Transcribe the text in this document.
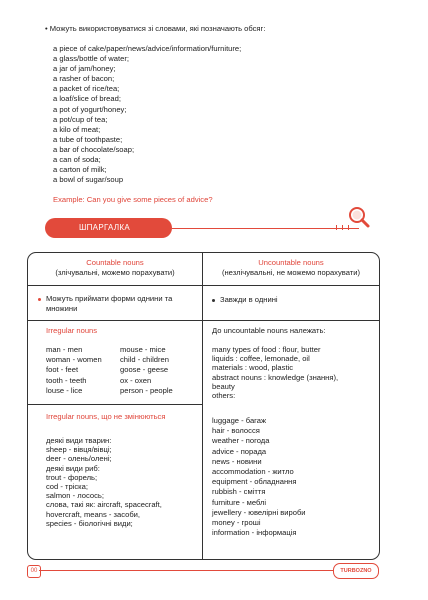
• Можуть використовуватися зі словами, які позначають обсяг:
a piece of cake/paper/news/advice/information/furniture;
a glass/bottle of water;
a jar of jam/honey;
a rasher of bacon;
a packet of rice/tea;
a loaf/slice of bread;
a pot of yogurt/honey;
a pot/cup of tea;
a kilo of meat;
a tube of toothpaste;
a bar of chocolate/soap;
a can of soda;
a carton of milk;
a bowl of sugar/soup
Example: Can you give some pieces of advice?
ШПАРГАЛКА
Countable nouns
(злічувальні, можемо порахувати)
Uncountable nouns
(незлічувальні, не можемо порахувати)
Можуть приймати форми однини та
множини
Завжди в однині
Irregular nouns
man - men
woman - women
foot - feet
tooth - teeth
louse - lice
mouse - mice
child - children
goose - geese
ox - oxen
person - people
Irregular nouns, що не змінюються
деякі види тварин:
sheep - вівця/вівці;
deer - олень/олені;
деякі види риб:
trout - форель;
cod - тріска;
salmon - лосось;
слова, такі як: aircraft, spacecraft,
hovercraft, means - засоби,
species - біологічні види;
До uncountable nouns належать:
many types of food : flour, butter
liquids : coffee, lemonade, oil
materials : wood, plastic
abstract nouns : knowledge (знання),
beauty
others:
luggage - багаж
hair - волосся
weather - погода
advice - порада
news - новини
accommodation - житло
equipment - обладнання
rubbish - сміття
furniture - меблі
jewellery - ювелірні вироби
money - гроші
information - інформація
00	TURBOZNO
